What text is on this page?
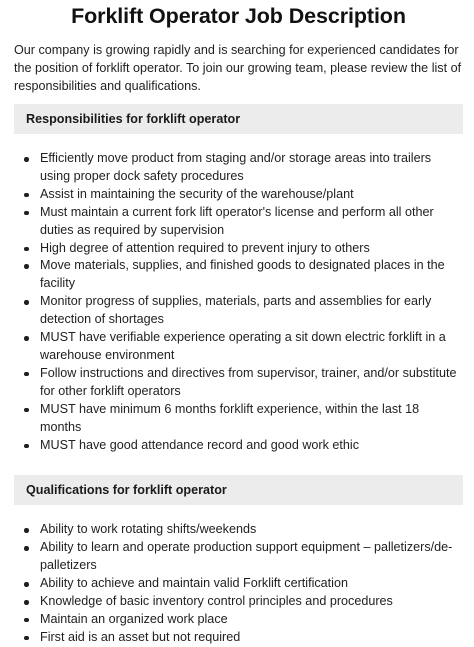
Forklift Operator Job Description

Our company is growing rapidly and is searching for experienced candidates for the position of forklift operator. To join our growing team, please review the list of responsibilities and qualifications.

Responsibilities for forklift operator
Efficiently move product from staging and/or storage areas into trailers using proper dock safety procedures
Assist in maintaining the security of the warehouse/plant
Must maintain a current fork lift operator's license and perform all other duties as required by supervision
High degree of attention required to prevent injury to others
Move materials, supplies, and finished goods to designated places in the facility
Monitor progress of supplies, materials, parts and assemblies for early detection of shortages
MUST have verifiable experience operating a sit down electric forklift in a warehouse environment
Follow instructions and directives from supervisor, trainer, and/or substitute for other forklift operators
MUST have minimum 6 months forklift experience, within the last 18 months
MUST have good attendance record and good work ethic
Qualifications for forklift operator
Ability to work rotating shifts/weekends
Ability to learn and operate production support equipment – palletizers/de-palletizers
Ability to achieve and maintain valid Forklift certification
Knowledge of basic inventory control principles and procedures
Maintain an organized work place
First aid is an asset but not required
